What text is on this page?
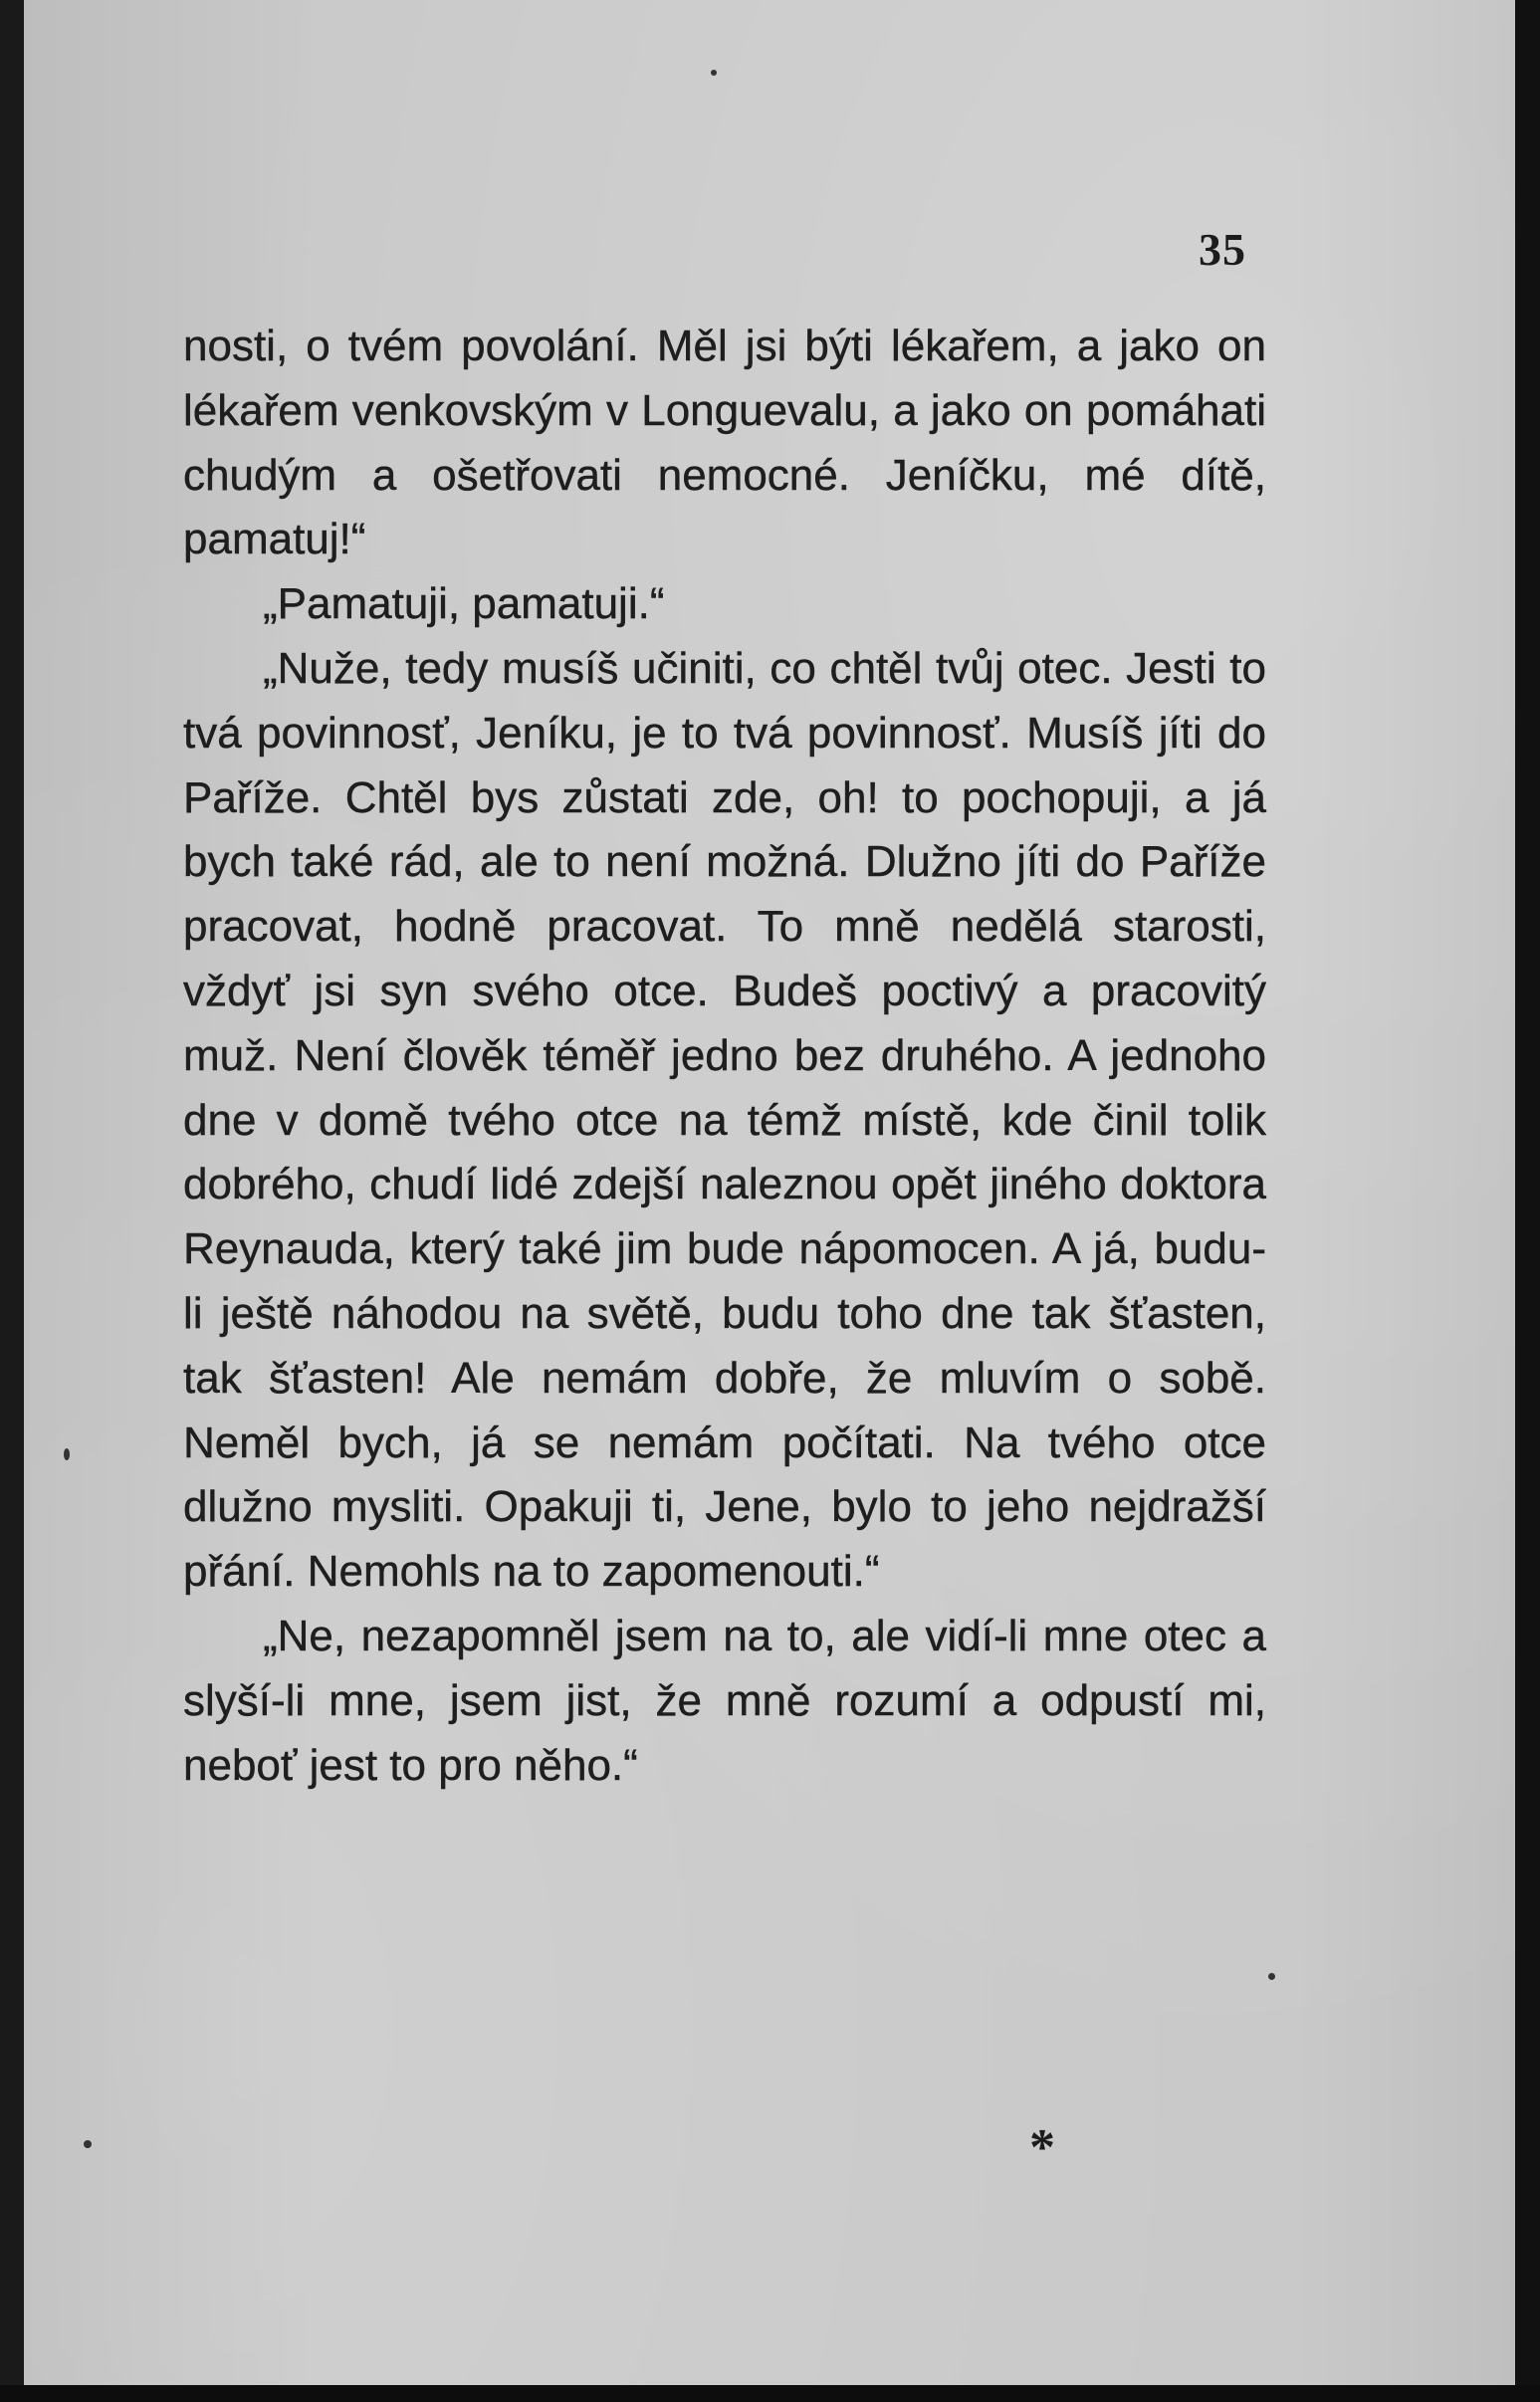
35

nosti, o tvém povolání. Měl jsi býti lékařem, a jako on lékařem venkovským v Longuevalu, a jako on pomáhati chudým a ošetřovati nemocné. Jeníčku, mé dítě, pamatuj!“

„Pamatuji, pamatuji.“

„Nuže, tedy musíš učiniti, co chtěl tvůj otec. Jesti to tvá povinnosť, Jeníku, je to tvá povinnosť. Musíš jíti do Paříže. Chtěl bys zůstati zde, oh! to pochopuji, a já bych také rád, ale to není možná. Dlužno jíti do Paříže pracovat, hodně pracovat. To mně nedělá starosti, vždyť jsi syn svého otce. Budeš poctivý a pracovitý muž. Není člověk téměř jedno bez druhého. A jednoho dne v domě tvého otce na témž místě, kde činil tolik dobrého, chudí lidé zdejší naleznou opět jiného doktora Reynauda, který také jim bude nápomocen. A já, budu-li ještě náhodou na světě, budu toho dne tak šťasten, tak šťasten! Ale nemám dobře, že mluvím o sobě. Neměl bych, já se nemám počítati. Na tvého otce dlužno mysliti. Opakuji ti, Jene, bylo to jeho nejdražší přání. Nemohls na to zapomenouti.“

„Ne, nezapomněl jsem na to, ale vidí-li mne otec a slyší-li mne, jsem jist, že mně rozumí a odpustí mi, neboť jest to pro něho.“

*
